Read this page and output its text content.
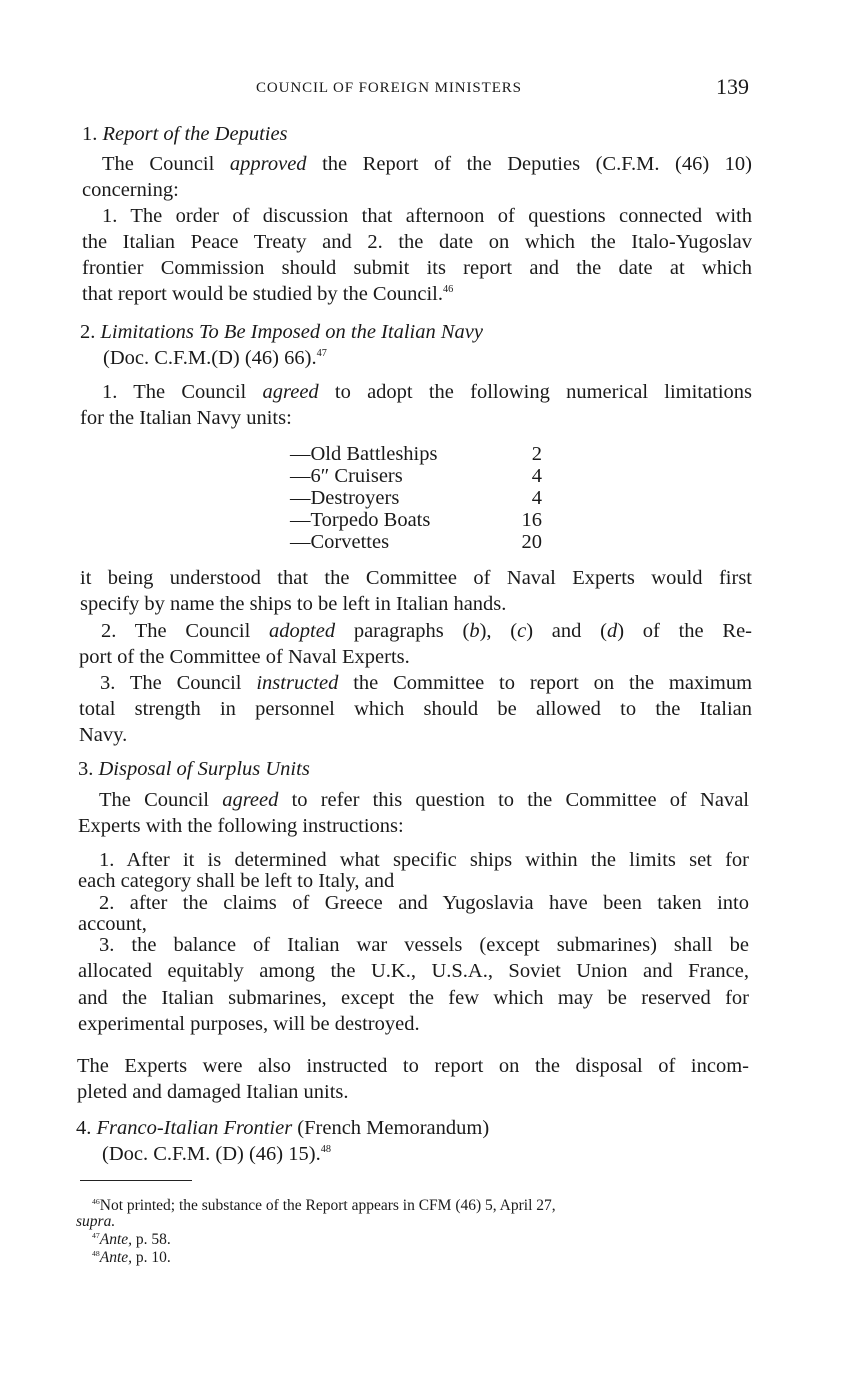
COUNCIL OF FOREIGN MINISTERS	139
1. Report of the Deputies
The Council approved the Report of the Deputies (C.F.M. (46) 10)
concerning:
1. The order of discussion that afternoon of questions connected with
the Italian Peace Treaty and 2. the date on which the Italo-Yugoslav
frontier Commission should submit its report and the date at which
that report would be studied by the Council.$^{46}$
2. Limitations To Be Imposed on the Italian Navy
(Doc. C.F.M.(D) (46) 66).$^{47}$
1. The Council agreed to adopt the following numerical limitations
for the Italian Navy units:
—Old Battleships	2
—6″ Cruisers	4
—Destroyers	4
—Torpedo Boats	16
—Corvettes	20
it being understood that the Committee of Naval Experts would first
specify by name the ships to be left in Italian hands.
2. The Council adopted paragraphs (b), (c) and (d) of the Re-
port of the Committee of Naval Experts.
3. The Council instructed the Committee to report on the maximum
total strength in personnel which should be allowed to the Italian
Navy.
3. Disposal of Surplus Units
The Council agreed to refer this question to the Committee of Naval
Experts with the following instructions:
1. After it is determined what specific ships within the limits set for
each category shall be left to Italy, and
2. after the claims of Greece and Yugoslavia have been taken into
account,
3. the balance of Italian war vessels (except submarines) shall be
allocated equitably among the U.K., U.S.A., Soviet Union and France,
and the Italian submarines, except the few which may be reserved for
experimental purposes, will be destroyed.
The Experts were also instructed to report on the disposal of incom-
pleted and damaged Italian units.
4. Franco-Italian Frontier (French Memorandum)
(Doc. C.F.M. (D) (46) 15).$^{48}$
$^{46}$Not printed; the substance of the Report appears in CFM (46) 5, April 27,
supra.
$^{47}$Ante, p. 58.
$^{48}$Ante, p. 10.
